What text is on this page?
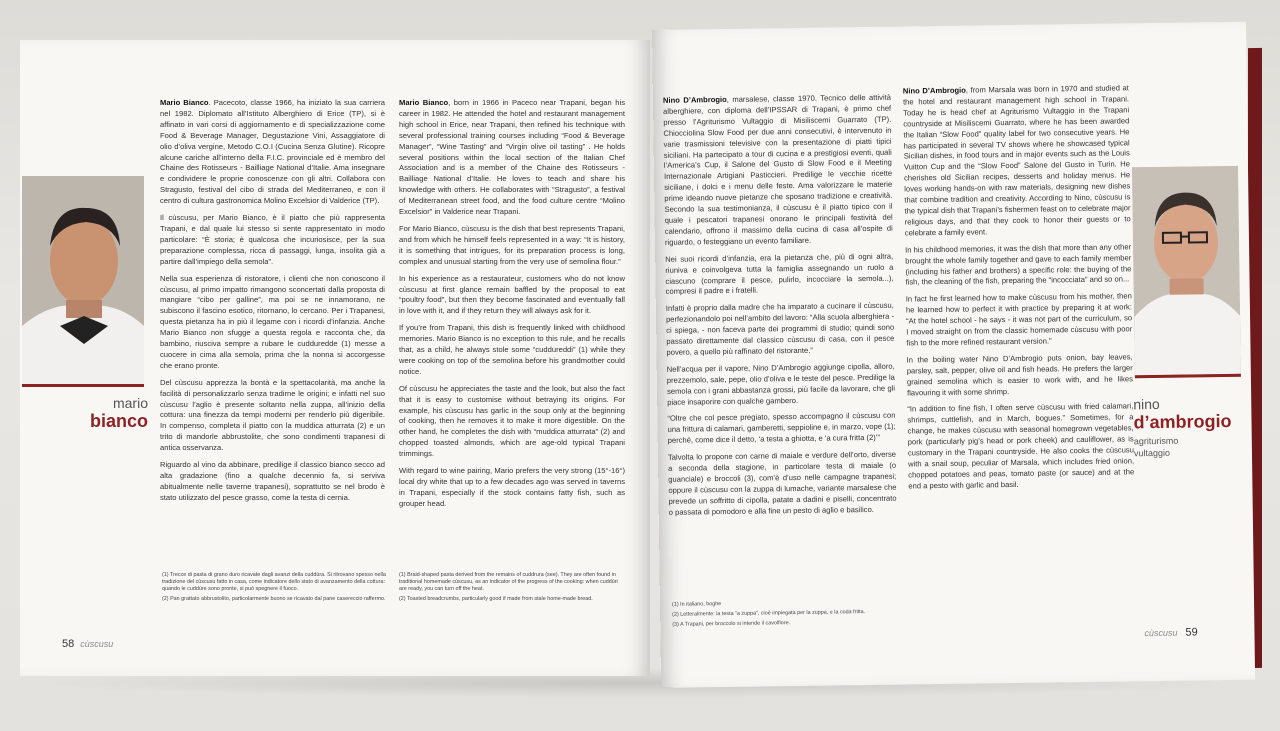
mario
bianco

Mario Bianco. Pacecoto, classe 1966, ha iniziato la sua carriera nel 1982. Diplomato all’Istituto Alberghiero di Erice (TP), si è affinato in vari corsi di aggiornamento e di specializzazione come Food & Beverage Manager, Degustazione Vini, Assaggiatore di olio d’oliva vergine, Metodo C.O.I (Cucina Senza Glutine). Ricopre alcune cariche all’interno della F.I.C. provinciale ed è membro del Chaine des Rotisseurs - Bailliage National d’Italie. Ama insegnare e condividere le proprie conoscenze con gli altri. Collabora con Stragusto, festival del cibo di strada del Mediterraneo, e con il centro di cultura gastronomica Molino Excelsior di Valderice (TP).

Il cùscusu, per Mario Bianco, è il piatto che più rappresenta Trapani, e dal quale lui stesso si sente rappresentato in modo particolare: “È storia; è qualcosa che incuriosisce, per la sua preparazione complessa, ricca di passaggi, lunga, insolita già a partire dall’impiego della semola”.

Nella sua esperienza di ristoratore, i clienti che non conoscono il cùscusu, al primo impatto rimangono sconcertati dalla proposta di mangiare “cibo per galline”, ma poi se ne innamorano, ne subiscono il fascino esotico, ritornano, lo cercano. Per i Trapanesi, questa pietanza ha in più il legame con i ricordi d’infanzia. Anche Mario Bianco non sfugge a questa regola e racconta che, da bambino, riusciva sempre a rubare le cudduredde (1) messe a cuocere in cima alla semola, prima che la nonna si accorgesse che erano pronte.

Del cùscusu apprezza la bontà e la spettacolarità, ma anche la facilità di personalizzarlo senza tradirne le origini; e infatti nel suo cùscusu l’aglio è presente soltanto nella zuppa, all’inizio della cottura: una finezza da tempi moderni per renderlo più digeribile. In compenso, completa il piatto con la muddica atturrata (2) e un trito di mandorle abbrustolite, che sono condimenti trapanesi di antica osservanza.

Riguardo al vino da abbinare, predilige il classico bianco secco ad alta gradazione (fino a qualche decennio fa, si serviva abitualmente nelle taverne trapanesi), soprattutto se nel brodo è stato utilizzato del pesce grasso, come la testa di cernia.

Mario Bianco, born in 1966 in Paceco near Trapani, began his career in 1982. He attended the hotel and restaurant management high school in Erice, near Trapani, then refined his technique with several professional training courses including “Food & Beverage Manager”, “Wine Tasting” and “Virgin olive oil tasting” . He holds several positions within the local section of the Italian Chef Association and is a member of the Chaine des Rotisseurs - Bailliage National d’Italie. He loves to teach and share his knowledge with others. He collaborates with “Stragusto”, a festival of Mediterranean street food, and the food culture centre “Molino Excelsior” in Valderice near Trapani.

For Mario Bianco, cùscusu is the dish that best represents Trapani, and from which he himself feels represented in a way: “It is history, it is something that intrigues, for its preparation process is long, complex and unusual starting from the very use of semolina flour.”

In his experience as a restaurateur, customers who do not know cùscusu at first glance remain baffled by the proposal to eat “poultry food”, but then they become fascinated and eventually fall in love with it, and if they return they will always ask for it.

If you’re from Trapani, this dish is frequently linked with childhood memories. Mario Bianco is no exception to this rule, and he recalls that, as a child, he always stole some “cuddureddi” (1) while they were cooking on top of the semolina before his grandmother could notice.

Of cùscusu he appreciates the taste and the look, but also the fact that it is easy to customise without betraying its origins. For example, his cùscusu has garlic in the soup only at the beginning of cooking, then he removes it to make it more digestible. On the other hand, he completes the dish with “muddica atturrata” (2) and chopped toasted almonds, which are age-old typical Trapani trimmings.

With regard to wine pairing, Mario prefers the very strong (15°-16°) local dry white that up to a few decades ago was served in taverns in Trapani, especially if the stock contains fatty fish, such as grouper head.

(1) Trecce di pasta di grano duro ricavate dagli avanzi della cuddùra. Si ritrovano spesso nella tradizione del cùscusu fatto in casa, come indicatore dello stato di avanzamento della cottura: quando le cuddùre sono pronte, si può spegnere il fuoco.

(2) Pan grattato abbrustolito, particolarmente buono se ricavato dal pane casereccio raffermo.

(1) Braid-shaped pasta derived from the remains of cuddrura (see). They are often found in traditional homemade cùscusu, as an indicator of the progress of the cooking: when cuddùri are ready, you can turn off the heat.

(2) Toasted breadcrumbs, particularly good if made from stale home-made bread.

58 cùscusu

Nino D’Ambrogio, marsalese, classe 1970. Tecnico delle attività alberghiere, con diploma dell’IPSSAR di Trapani, è primo chef presso l’Agriturismo Vultaggio di Misiliscemi Guarrato (TP). Chiocciolina Slow Food per due anni consecutivi, è intervenuto in varie trasmissioni televisive con la presentazione di piatti tipici siciliani. Ha partecipato a tour di cucina e a prestigiosi eventi, quali l’America’s Cup, il Salone del Gusto di Slow Food e il Meeting Internazionale Artigiani Pasticcieri. Predilige le vecchie ricette siciliane, i dolci e i menu delle feste. Ama valorizzare le materie prime ideando nuove pietanze che sposano tradizione e creatività. Secondo la sua testimonianza, il cùscusu è il piatto tipico con il quale i pescatori trapanesi onorano le principali festività del calendario, offrono il massimo della cucina di casa all’ospite di riguardo, o festeggiano un evento familiare.

Nei suoi ricordi d’infanzia, era la pietanza che, più di ogni altra, riuniva e coinvolgeva tutta la famiglia assegnando un ruolo a ciascuno (comprare il pesce, pulirlo, incocciare la semola...), compresi il padre e i fratelli.

Infatti è proprio dalla madre che ha imparato a cucinare il cùscusu, perfezionandolo poi nell’ambito del lavoro: “Alla scuola alberghiera - ci spiega, - non faceva parte dei programmi di studio; quindi sono passato direttamente dal classico cùscusu di casa, con il pesce povero, a quello più raffinato del ristorante.”

Nell’acqua per il vapore, Nino D’Ambrogio aggiunge cipolla, alloro, prezzemolo, sale, pepe, olio d’oliva e le teste del pesce. Predilige la semola con i grani abbastanza grossi, più facile da lavorare, che gli piace insaporire con qualche gambero.

“Oltre che col pesce pregiato, spesso accompagno il cùscusu con una frittura di calamari, gamberetti, seppioline e, in marzo, vope (1); perché, come dice il detto, ‘a testa a ghiotta, e ‘a cura fritta (2)’”

Talvolta lo propone con carne di maiale e verdure dell’orto, diverse a seconda della stagione, in particolare testa di maiale (o guanciale) e broccoli (3), com’è d’uso nelle campagne trapanesi; oppure il cùscusu con la zuppa di lumache, variante marsalese che prevede un soffritto di cipolla, patate a dadini e piselli, concentrato o passata di pomodoro e alla fine un pesto di aglio e basilico.

Nino D’Ambrogio, from Marsala was born in 1970 and studied at the hotel and restaurant management high school in Trapani. Today he is head chef at Agriturismo Vultaggio in the Trapani countryside at Misiliscemi Guarrato, where he has been awarded the Italian “Slow Food” quality label for two consecutive years. He has participated in several TV shows where he showcased typical Sicilian dishes, in food tours and in major events such as the Louis Vuitton Cup and the “Slow Food” Salone del Gusto in Turin. He cherishes old Sicilian recipes, desserts and holiday menus. He loves working hands-on with raw materials, designing new dishes that combine tradition and creativity. According to Nino, cùscusu is the typical dish that Trapani’s fishermen feast on to celebrate major religious days, and that they cook to honor their guests or to celebrate a family event.

In his childhood memories, it was the dish that more than any other brought the whole family together and gave to each family member (including his father and brothers) a specific role: the buying of the fish, the cleaning of the fish, preparing the “incocciata” and so on...

In fact he first learned how to make cùscusu from his mother, then he learned how to perfect it with practice by preparing it at work: “At the hotel school - he says - it was not part of the curriculum, so I moved straight on from the classic homemade cùscusu with poor fish to the more refined restaurant version.”

In the boiling water Nino D’Ambrogio puts onion, bay leaves, parsley, salt, pepper, olive oil and fish heads. He prefers the larger grained semolina which is easier to work with, and he likes flavouring it with some shrimp.

“In addition to fine fish, I often serve cùscusu with fried calamari, shrimps, cuttlefish, and in March, bogues.” Sometimes, for a change, he makes cùscusu with seasonal homegrown vegetables, pork (particularly pig’s head or pork cheek) and cauliflower, as is customary in the Trapani countryside. He also cooks the cùscusu with a snail soup, peculiar of Marsala, which includes fried onion, chopped potatoes and peas, tomato paste (or sauce) and at the end a pesto with garlic and basil.

nino
d’ambrogio
agriturismo
vultaggio

(1) In italiano, boghe

(2) Letteralmente: la testa “a zuppa”, cioè impiegata per la zuppa, e la coda fritta.

(3) A Trapani, per broccolo si intende il cavolfiore.

cùscusu 59
